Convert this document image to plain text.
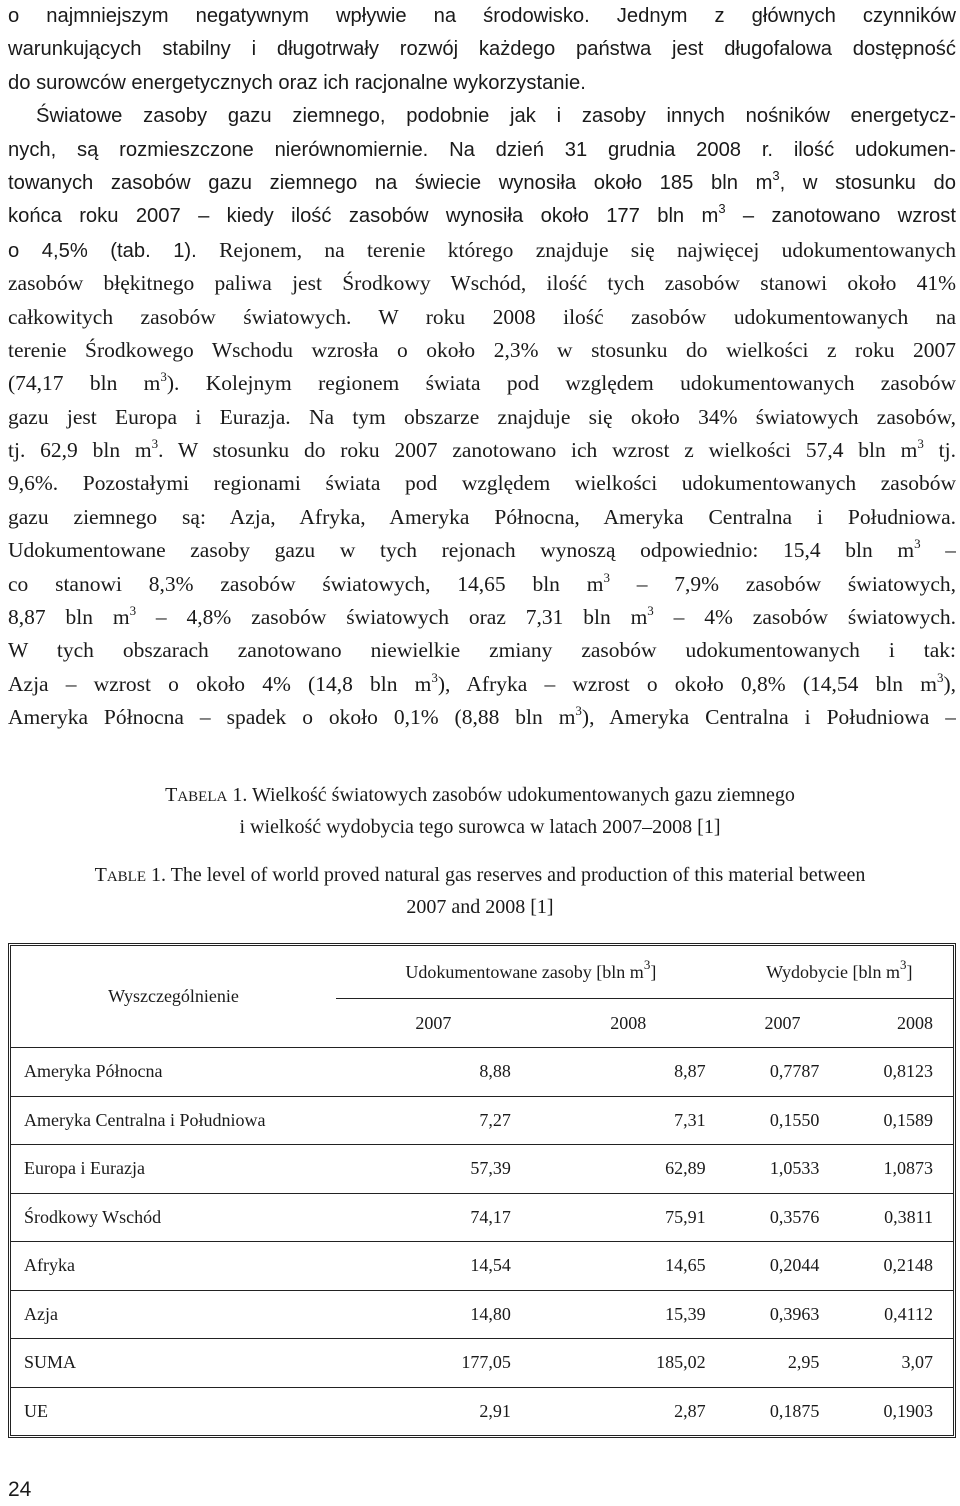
o najmniejszym negatywnym wpływie na środowisko. Jednym z głównych czynników
warunkujących stabilny i długotrwały rozwój każdego państwa jest długofalowa dostępność
do surowców energetycznych oraz ich racjonalne wykorzystanie.
Światowe zasoby gazu ziemnego, podobnie jak i zasoby innych nośników energetycz-
nych, są rozmieszczone nierównomiernie. Na dzień 31 grudnia 2008 r. ilość udokumen-
towanych zasobów gazu ziemnego na świecie wynosiła około 185 bln $m^3$, w stosunku do
końca roku 2007 – kiedy ilość zasobów wynosiła około 177 bln $m^3$ – zanotowano wzrost
o 4,5% (tab. 1). Rejonem, na terenie którego znajduje się najwięcej udokumentowanych
zasobów błękitnego paliwa jest Środkowy Wschód, ilość tych zasobów stanowi około 41%
całkowitych zasobów światowych. W roku 2008 ilość zasobów udokumentowanych na
terenie Środkowego Wschodu wzrosła o około 2,3% w stosunku do wielkości z roku 2007
(74,17 bln $m^3$). Kolejnym regionem świata pod względem udokumentowanych zasobów
gazu jest Europa i Eurazja. Na tym obszarze znajduje się około 34% światowych zasobów,
tj. 62,9 bln $m^3$. W stosunku do roku 2007 zanotowano ich wzrost z wielkości 57,4 bln $m^3$ tj.
9,6%. Pozostałymi regionami świata pod względem wielkości udokumentowanych zasobów
gazu ziemnego są: Azja, Afryka, Ameryka Północna, Ameryka Centralna i Południowa.
Udokumentowane zasoby gazu w tych rejonach wynoszą odpowiednio: 15,4 bln $m^3$ –
co stanowi 8,3% zasobów światowych, 14,65 bln $m^3 - 7,9\%$ zasobów światowych,
8,87 bln $m^3 - 4,8\%$ zasobów światowych oraz 7,31 bln $m^3 - 4\%$ zasobów światowych.
W tych obszarach zanotowano niewielkie zmiany zasobów udokumentowanych i tak:
Azja – wzrost o około 4% (14,8 bln $m^3$), Afryka – wzrost o około 0,8% (14,54 bln $m^3$),
Ameryka Północna – spadek o około 0,1% (8,88 bln $m^3$), Ameryka Centralna i Południowa –
TABELA 1. Wielkość światowych zasobów udokumentowanych gazu ziemnego
i wielkość wydobycia tego surowca w latach 2007–2008 [1]
TABLE 1. The level of world proved natural gas reserves and production of this material between
2007 and 2008 [1]
Wyszczególnienie	Udokumentowane zasoby [bln $m^3$]		Wydobycie [bln $m^3$]	
	2007	2008	2007	2008
Ameryka Północna	8,88	8,87	0,7787	0,8123
Ameryka Centralna i Południowa	7,27	7,31	0,1550	0,1589
Europa i Eurazja	57,39	62,89	1,0533	1,0873
Środkowy Wschód	74,17	75,91	0,3576	0,3811
Afryka	14,54	14,65	0,2044	0,2148
Azja	14,80	15,39	0,3963	0,4112
SUMA	177,05	185,02	2,95	3,07
UE	2,91	2,87	0,1875	0,1903
24
